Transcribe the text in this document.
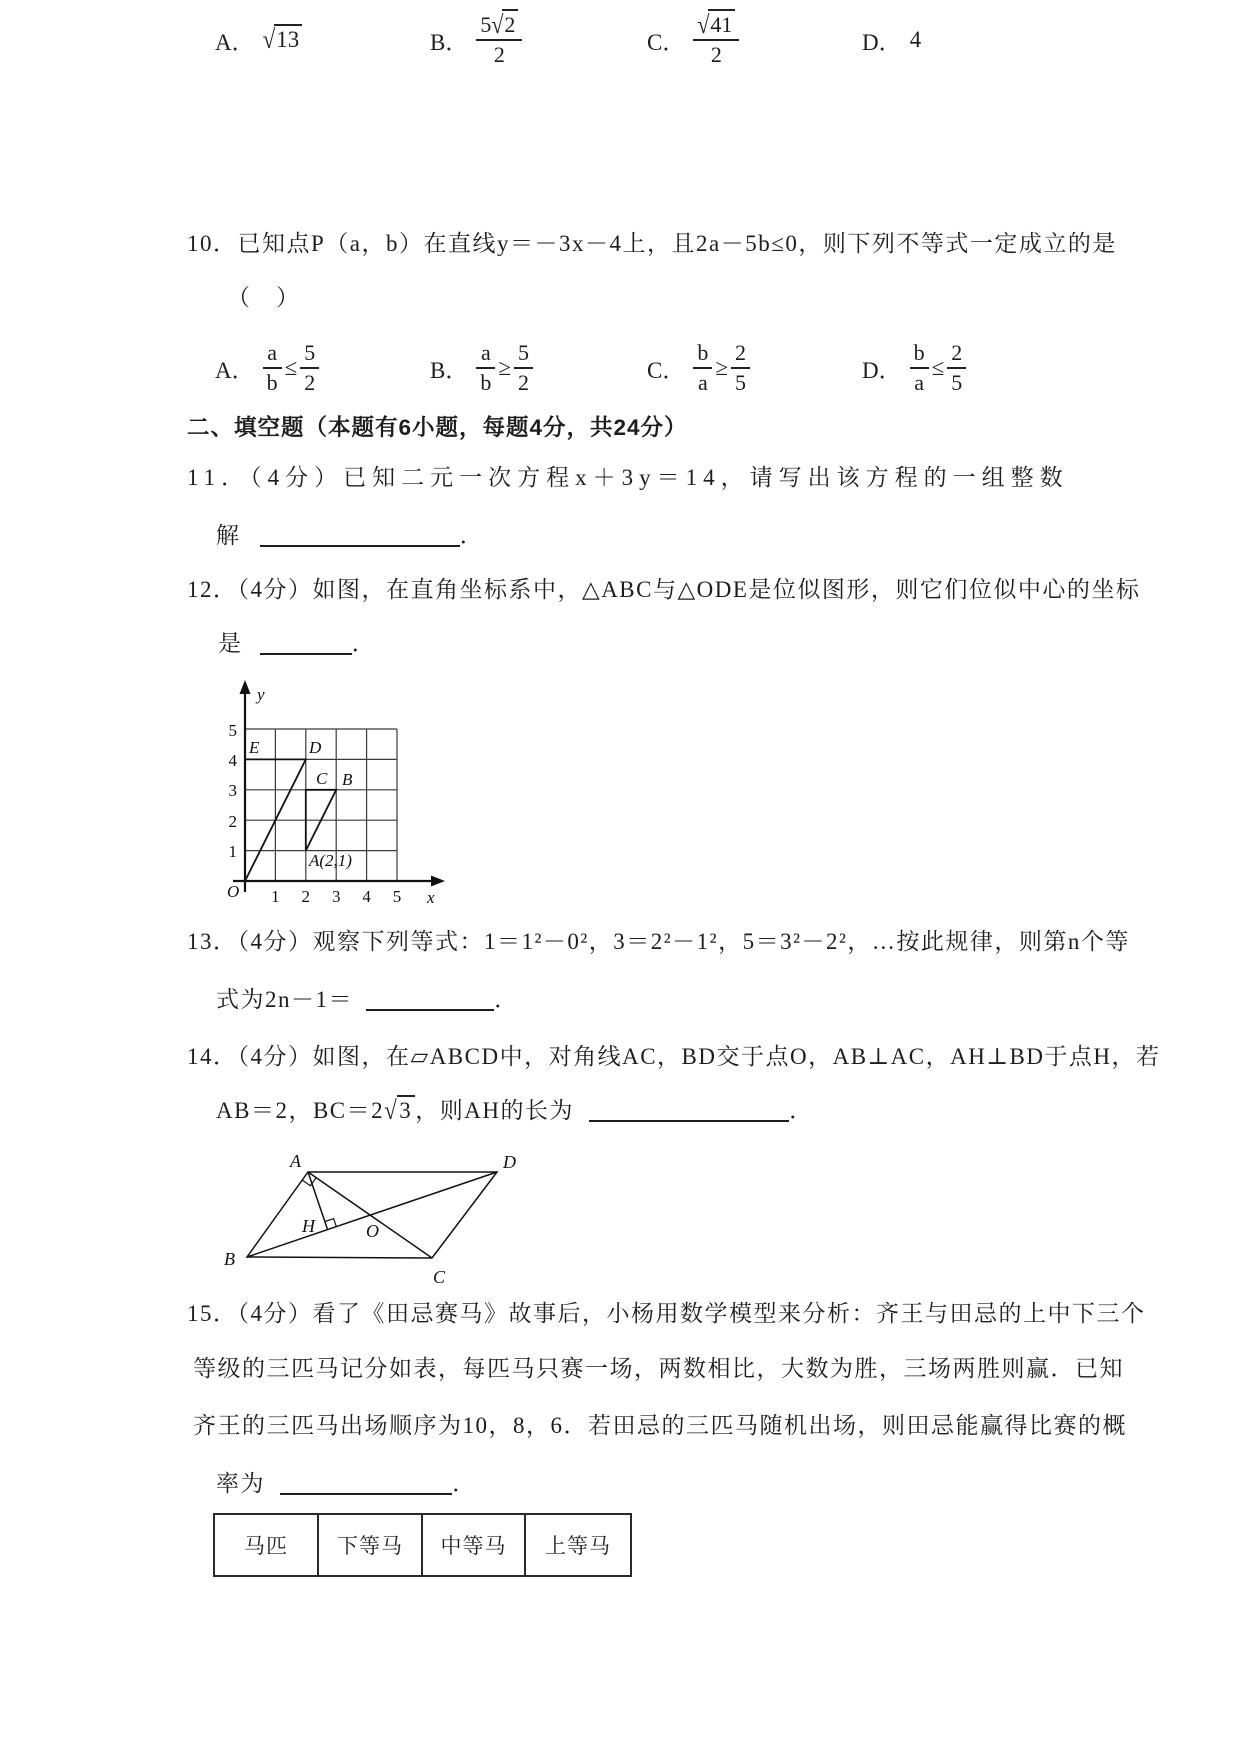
A． √13	B． $\frac{5√2}{2}$	C． $\frac{√41}{2}$	D． 4
10．已知点P（a，b）在直线y＝－3x－4上，且2a－5b≤0，则下列不等式一定成立的是
（　）
A． $\frac{a}{b} \le \frac{5}{2}$	B． $\frac{a}{b} \ge \frac{5}{2}$	C． $\frac{b}{a} \ge \frac{2}{5}$	D． $\frac{b}{a} \le \frac{2}{5}$
二、填空题（本题有6小题，每题4分，共24分）
11．（4分）已知二元一次方程x＋3y＝14，请写出该方程的一组整数
解	．
12．（4分）如图，在直角坐标系中，△ABC与△ODE是位似图形，则它们位似中心的坐标
是	．
1 2 3 4 5
5
4
3
2
1
E	D
C B
A(2,1)
O
y
x
13．（4分）观察下列等式：1＝1²－0²，3＝2²－1²，5＝3²－2²，…按此规律，则第n个等
式为2n－1＝	．
14．（4分）如图，在▱ABCD中，对角线AC，BD交于点O，AB⊥AC，AH⊥BD于点H，若
AB＝2，BC＝2√3 ，则AH的长为	．
A	D
B
C
O
H
15．（4分）看了《田忌赛马》故事后，小杨用数学模型来分析：齐王与田忌的上中下三个
等级的三匹马记分如表，每匹马只赛一场，两数相比，大数为胜，三场两胜则赢．已知
齐王的三匹马出场顺序为10，8，6．若田忌的三匹马随机出场，则田忌能赢得比赛的概
率为	．
马匹	下等马	中等马	上等马
